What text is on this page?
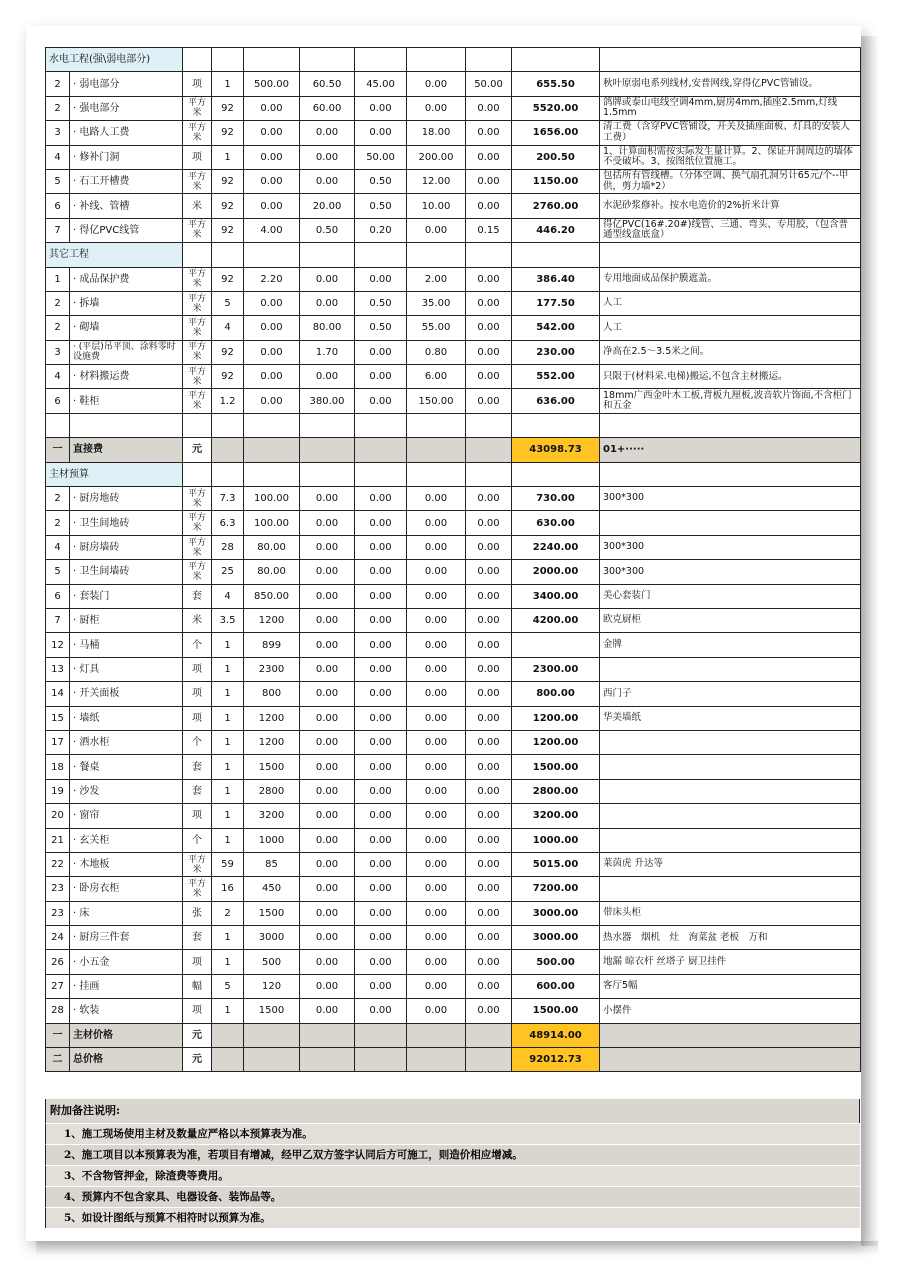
水电工程(强\弱电部分)										
2	· 弱电部分	项	1	500.00	60.50	45.00	0.00	50.00	655.50	秋叶原弱电系列线材,安普网线,穿得亿PVC管铺设。
2	· 强电部分	平方米	92	0.00	60.00	0.00	0.00	0.00	5520.00	鸽牌或泰山电线空调4mm,厨房4mm,插座2.5mm,灯线1.5mm
3	· 电路人工费	平方米	92	0.00	0.00	0.00	18.00	0.00	1656.00	清工费（含穿PVC管铺设，开关及插座面板、灯具的安装人工费）
4	· 修补门洞	项	1	0.00	0.00	50.00	200.00	0.00	200.50	1、计算面积需按实际发生量计算。2、保证开洞周边的墙体不受破坏。3、按图纸位置施工。
5	· 石工开槽费	平方米	92	0.00	0.00	0.50	12.00	0.00	1150.00	包括所有管线槽。（分体空调、换气扇孔洞另计65元/个--甲供，剪力墙*2）
6	· 补线、管槽	米	92	0.00	20.00	0.50	10.00	0.00	2760.00	水泥砂浆修补。按水电造价的2%折米计算
7	· 得亿PVC线管	平方米	92	4.00	0.50	0.20	0.00	0.15	446.20	得亿PVC(16#.20#)线管、三通、弯头、专用胶，（包含普通型线盒底盒）
其它工程										
1	· 成品保护费	平方米	92	2.20	0.00	0.00	2.00	0.00	386.40	专用地面成品保护膜遮盖。
2	· 拆墙	平方米	5	0.00	0.00	0.50	35.00	0.00	177.50	人工
2	· 砌墙	平方米	4	0.00	80.00	0.50	55.00	0.00	542.00	人工
3	· (平层)吊平顶、涂料零时设施费	平方米	92	0.00	1.70	0.00	0.80	0.00	230.00	净高在2.5～3.5米之间。
4	· 材料搬运费	平方米	92	0.00	0.00	0.00	6.00	0.00	552.00	只限于(材料采.电梯)搬运,不包含主材搬运。
6	· 鞋柜	平方米	1.2	0.00	380.00	0.00	150.00	0.00	636.00	18mm广西金叶木工板,背板九厘板,波音软片饰面,不含柜门和五金

一	直接费	元							43098.73	01+·····
主材预算										
2	· 厨房地砖	平方米	7.3	100.00	0.00	0.00	0.00	0.00	730.00	300*300
2	· 卫生间地砖	平方米	6.3	100.00	0.00	0.00	0.00	0.00	630.00	
4	· 厨房墙砖	平方米	28	80.00	0.00	0.00	0.00	0.00	2240.00	300*300
5	· 卫生间墙砖	平方米	25	80.00	0.00	0.00	0.00	0.00	2000.00	300*300
6	· 套装门	套	4	850.00	0.00	0.00	0.00	0.00	3400.00	美心套装门
7	· 厨柜	米	3.5	1200	0.00	0.00	0.00	0.00	4200.00	欧克厨柜
12	· 马桶	个	1	899	0.00	0.00	0.00	0.00		金牌
13	· 灯具	项	1	2300	0.00	0.00	0.00	0.00	2300.00	
14	· 开关面板	项	1	800	0.00	0.00	0.00	0.00	800.00	西门子
15	· 墙纸	项	1	1200	0.00	0.00	0.00	0.00	1200.00	华美墙纸
17	· 酒水柜	个	1	1200	0.00	0.00	0.00	0.00	1200.00	
18	· 餐桌	套	1	1500	0.00	0.00	0.00	0.00	1500.00	
19	· 沙发	套	1	2800	0.00	0.00	0.00	0.00	2800.00	
20	· 窗帘	项	1	3200	0.00	0.00	0.00	0.00	3200.00	
21	· 玄关柜	个	1	1000	0.00	0.00	0.00	0.00	1000.00	
22	· 木地板	平方米	59	85	0.00	0.00	0.00	0.00	5015.00	莱茵虎 升达等
23	· 卧房衣柜	平方米	16	450	0.00	0.00	0.00	0.00	7200.00	
23	· 床	张	2	1500	0.00	0.00	0.00	0.00	3000.00	带床头柜
24	· 厨房三件套	套	1	3000	0.00	0.00	0.00	0.00	3000.00	热水器　烟机　灶　洵菜盆 老板　万和
26	· 小五金	项	1	500	0.00	0.00	0.00	0.00	500.00	地漏 晾衣杆 丝塔子 厨卫挂件
27	· 挂画	幅	5	120	0.00	0.00	0.00	0.00	600.00	客厅5幅
28	· 软装	项	1	1500	0.00	0.00	0.00	0.00	1500.00	小摆件
一	主材价格	元							48914.00	
二	总价格	元							92012.73	
附加备注说明:
1、施工现场使用主材及数量应严格以本预算表为准。
2、施工项目以本预算表为准，若项目有增减，经甲乙双方签字认同后方可施工，则造价相应增减。
3、不含物管押金，除渣费等费用。
4、预算内不包含家具、电器设备、装饰品等。
5、如设计图纸与预算不相符时以预算为准。
